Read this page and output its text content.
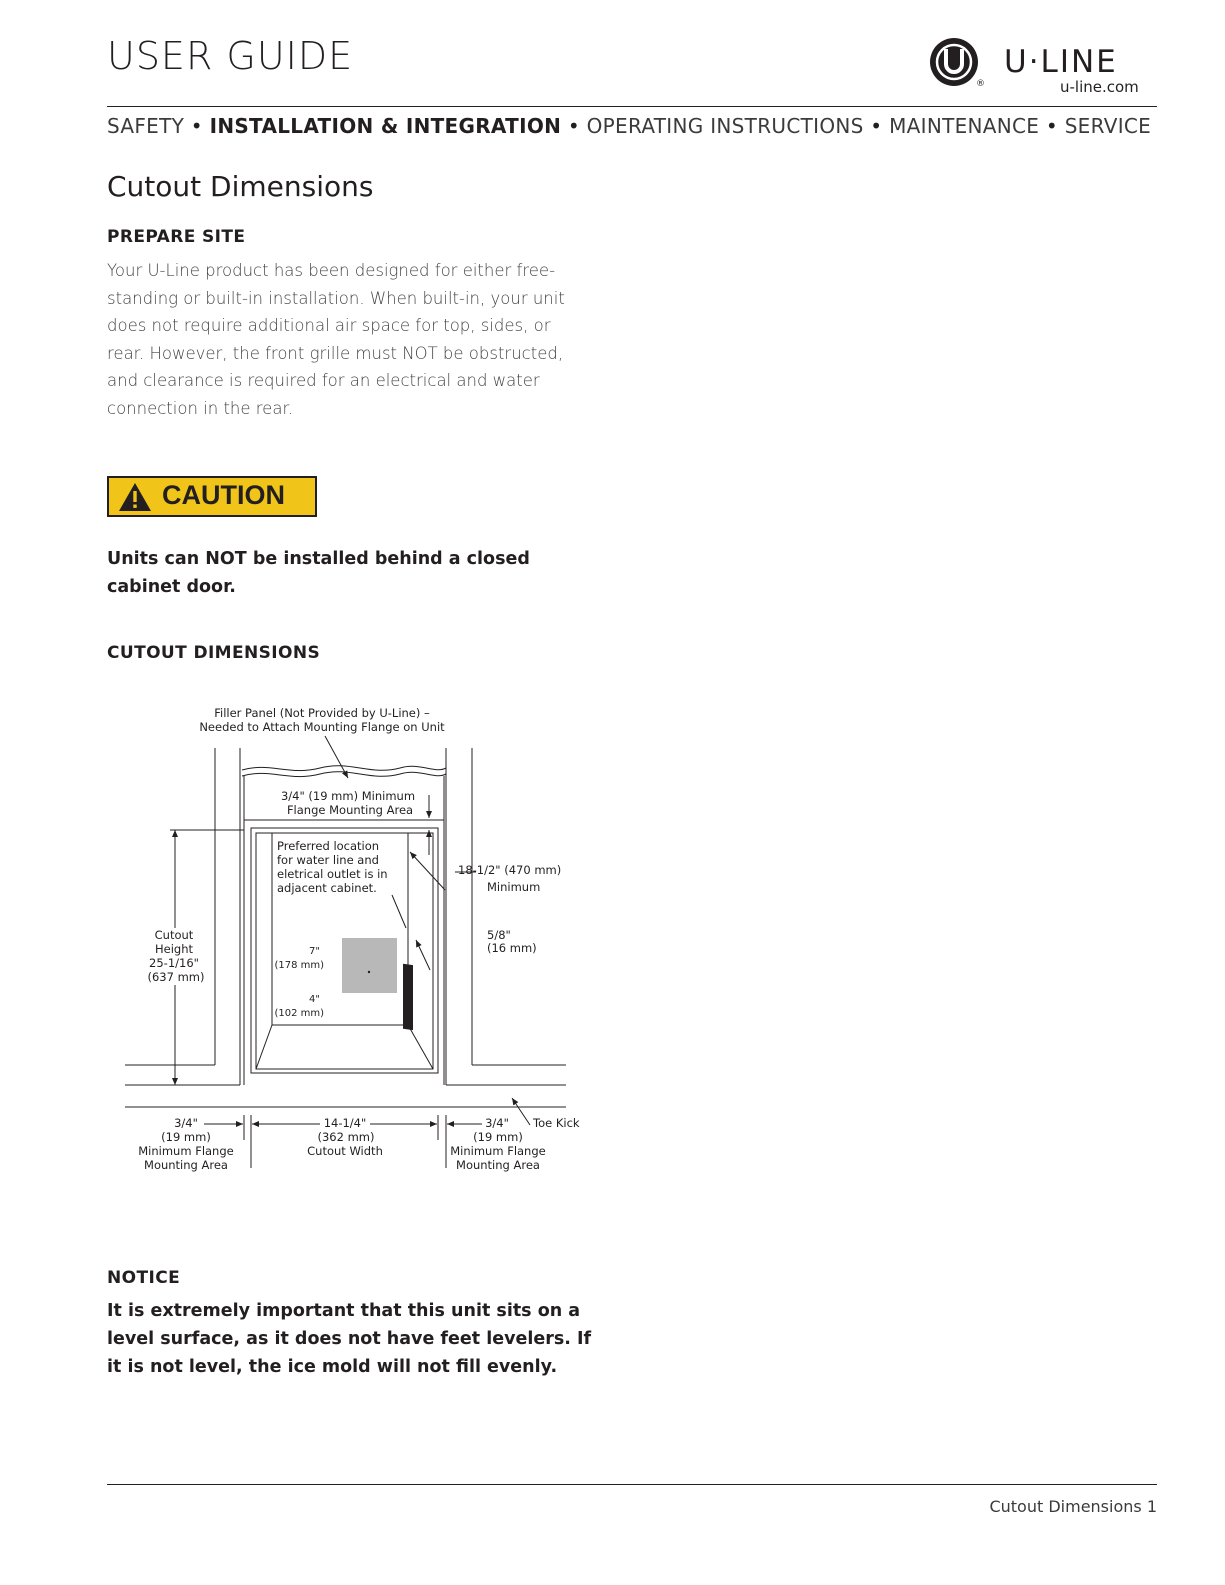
USER GUIDE
®
U·LINE
u-line.com
SAFETY • INSTALLATION & INTEGRATION • OPERATING INSTRUCTIONS • MAINTENANCE • SERVICE
Cutout Dimensions
PREPARE SITE
Your U-Line product has been designed for either free-standing or built-in installation. When built-in, your unit does not require additional air space for top, sides, or rear. However, the front grille must NOT be obstructed, and clearance is required for an electrical and water connection in the rear.
CAUTION
Units can NOT be installed behind a closed cabinet door.
CUTOUT DIMENSIONS
Filler Panel (Not Provided by U-Line) –
Needed to Attach Mounting Flange on Unit
3/4" (19 mm) Minimum
Flange Mounting Area
Preferred location
for water line and
eletrical outlet is in
adjacent cabinet.
18-1/2" (470 mm)
Minimum
5/8"
(16 mm)
Toe Kick
Cutout
Height
25-1/16"
(637 mm)
7"
(178 mm)
4"
(102 mm)
3/4"
(19 mm)
Minimum Flange
Mounting Area
14-1/4"
(362 mm)
Cutout Width
3/4"
(19 mm)
Minimum Flange
Mounting Area
NOTICE
It is extremely important that this unit sits on a level surface, as it does not have feet levelers. If it is not level, the ice mold will not fill evenly.
Cutout Dimensions 1
